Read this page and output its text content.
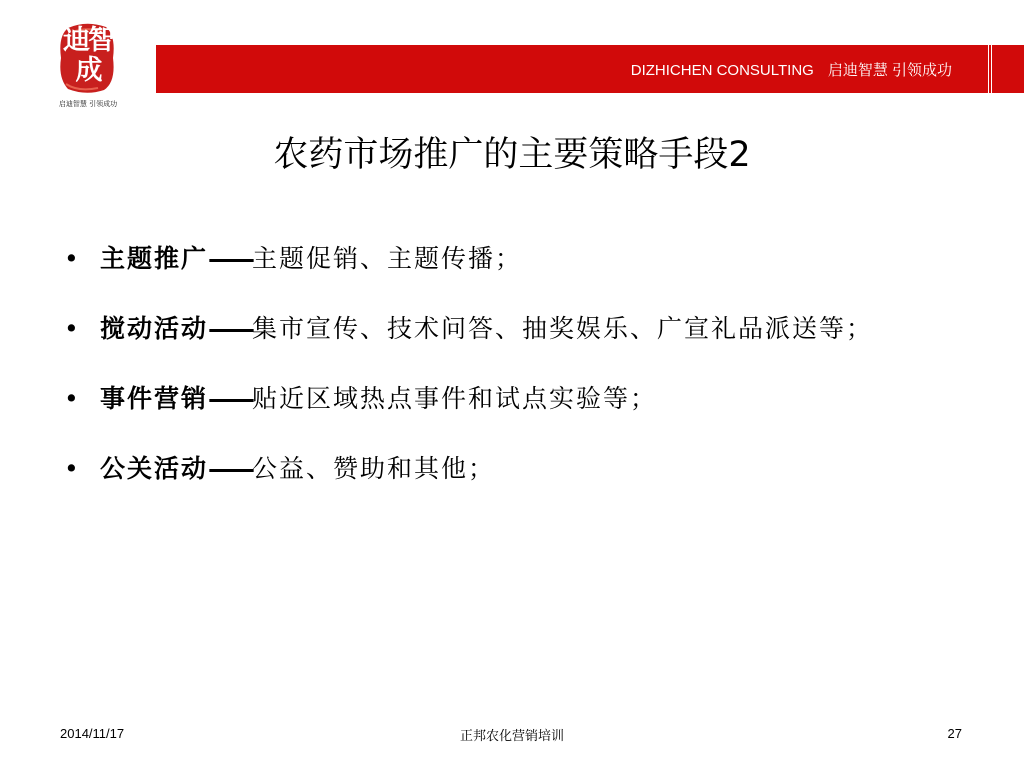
迪智成
启迪智慧 引领成功
DIZHICHEN CONSULTING 启迪智慧 引领成功
农药市场推广的主要策略手段2
• 主题推广——主题促销、主题传播；
• 搅动活动——集市宣传、技术问答、抽奖娱乐、广宣礼品派送等；
• 事件营销——贴近区域热点事件和试点实验等；
• 公关活动——公益、赞助和其他；
2014/11/17	正邦农化营销培训	27
